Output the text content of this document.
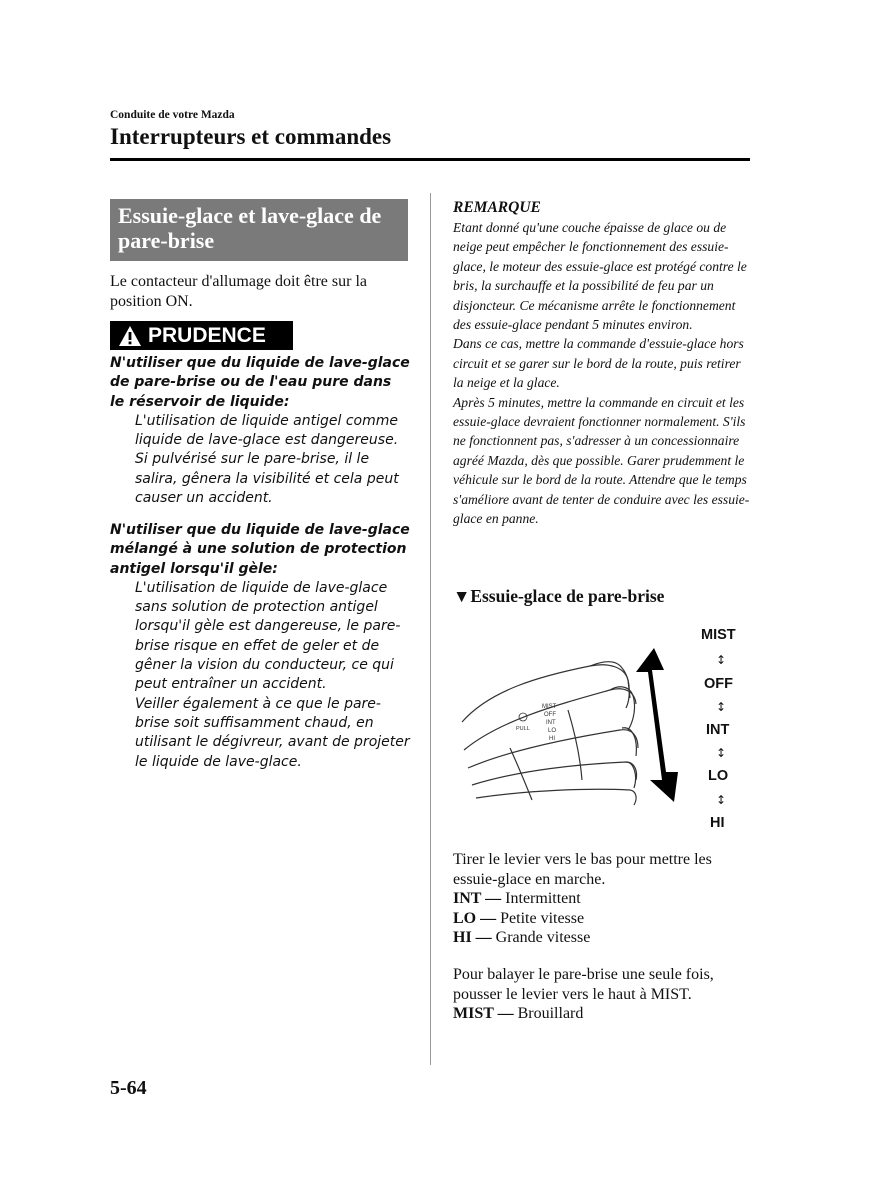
Conduite de votre Mazda
Interrupteurs et commandes
Essuie-glace et lave-glace de pare-brise
Le contacteur d'allumage doit être sur la position ON.
PRUDENCE
N'utiliser que du liquide de lave-glace de pare-brise ou de l'eau pure dans le réservoir de liquide:
L'utilisation de liquide antigel comme liquide de lave-glace est dangereuse. Si pulvérisé sur le pare-brise, il le salira, gênera la visibilité et cela peut causer un accident.
N'utiliser que du liquide de lave-glace mélangé à une solution de protection antigel lorsqu'il gèle:
L'utilisation de liquide de lave-glace sans solution de protection antigel lorsqu'il gèle est dangereuse, le pare-brise risque en effet de geler et de gêner la vision du conducteur, ce qui peut entraîner un accident.
Veiller également à ce que le pare-brise soit suffisamment chaud, en utilisant le dégivreur, avant de projeter le liquide de lave-glace.
REMARQUE
Etant donné qu'une couche épaisse de glace ou de neige peut empêcher le fonctionnement des essuie-glace, le moteur des essuie-glace est protégé contre le bris, la surchauffe et la possibilité de feu par un disjoncteur. Ce mécanisme arrête le fonctionnement des essuie-glace pendant 5 minutes environ.
Dans ce cas, mettre la commande d'essuie-glace hors circuit et se garer sur le bord de la route, puis retirer la neige et la glace.
Après 5 minutes, mettre la commande en circuit et les essuie-glace devraient fonctionner normalement. S'ils ne fonctionnent pas, s'adresser à un concessionnaire agréé Mazda, dès que possible. Garer prudemment le véhicule sur le bord de la route. Attendre que le temps s'améliore avant de tenter de conduire avec les essuie-glace en panne.
▼Essuie-glace de pare-brise
PULL
MIST
OFF
INT
LO
HI
MIST
OFF
INT
LO
HI
↕
↕
↕
↕
Tirer le levier vers le bas pour mettre les essuie-glace en marche.
INT — Intermittent
LO — Petite vitesse
HI — Grande vitesse
Pour balayer le pare-brise une seule fois, pousser le levier vers le haut à MIST.
MIST — Brouillard
5-64
